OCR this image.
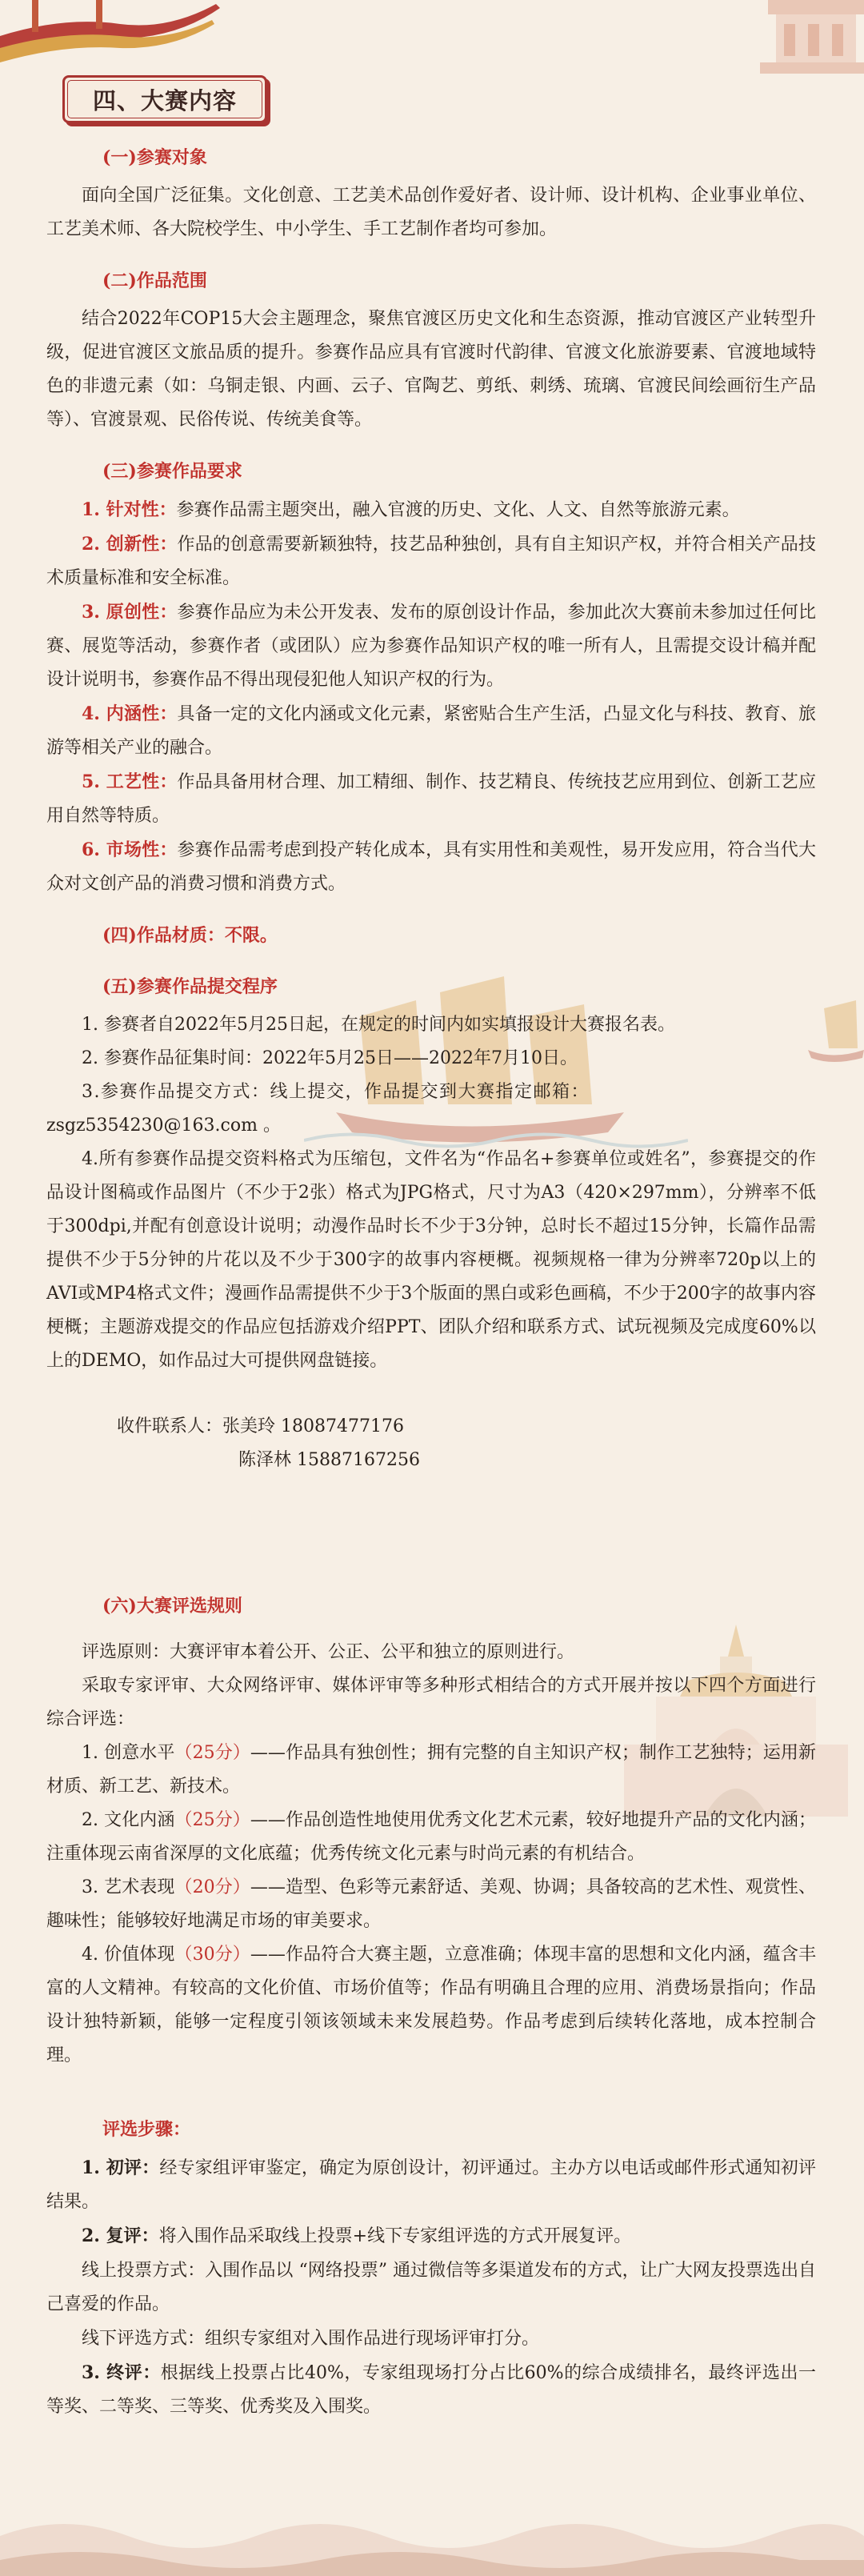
四、大赛内容

(一)参赛对象

面向全国广泛征集。文化创意、工艺美术品创作爱好者、设计师、设计机构、企业事业单位、工艺美术师、各大院校学生、中小学生、手工艺制作者均可参加。

(二)作品范围

结合2022年COP15大会主题理念，聚焦官渡区历史文化和生态资源，推动官渡区产业转型升级，促进官渡区文旅品质的提升。参赛作品应具有官渡时代韵律、官渡文化旅游要素、官渡地域特色的非遗元素（如：乌铜走银、内画、云子、官陶艺、剪纸、刺绣、琉璃、官渡民间绘画衍生产品等）、官渡景观、民俗传说、传统美食等。

(三)参赛作品要求

1. 针对性：参赛作品需主题突出，融入官渡的历史、文化、人文、自然等旅游元素。

2. 创新性：作品的创意需要新颖独特，技艺品种独创，具有自主知识产权，并符合相关产品技术质量标准和安全标准。

3. 原创性：参赛作品应为未公开发表、发布的原创设计作品，参加此次大赛前未参加过任何比赛、展览等活动，参赛作者（或团队）应为参赛作品知识产权的唯一所有人，且需提交设计稿并配设计说明书，参赛作品不得出现侵犯他人知识产权的行为。

4. 内涵性：具备一定的文化内涵或文化元素，紧密贴合生产生活，凸显文化与科技、教育、旅游等相关产业的融合。

5. 工艺性：作品具备用材合理、加工精细、制作、技艺精良、传统技艺应用到位、创新工艺应用自然等特质。

6. 市场性：参赛作品需考虑到投产转化成本，具有实用性和美观性，易开发应用，符合当代大众对文创产品的消费习惯和消费方式。

(四)作品材质：不限。

(五)参赛作品提交程序

1. 参赛者自2022年5月25日起，在规定的时间内如实填报设计大赛报名表。

2. 参赛作品征集时间：2022年5月25日——2022年7月10日。

3.参赛作品提交方式：线上提交，作品提交到大赛指定邮箱：

zsgz5354230@163.com 。

4.所有参赛作品提交资料格式为压缩包，文件名为“作品名+参赛单位或姓名”，参赛提交的作品设计图稿或作品图片（不少于2张）格式为JPG格式，尺寸为A3（420×297mm），分辨率不低于300dpi,并配有创意设计说明；动漫作品时长不少于3分钟，总时长不超过15分钟，长篇作品需提供不少于5分钟的片花以及不少于300字的故事内容梗概。视频规格一律为分辨率720p以上的AVI或MP4格式文件；漫画作品需提供不少于3个版面的黑白或彩色画稿，不少于200字的故事内容梗概；主题游戏提交的作品应包括游戏介绍PPT、团队介绍和联系方式、试玩视频及完成度60%以上的DEMO，如作品过大可提供网盘链接。

收件联系人：张美玲 18087477176

陈泽林 15887167256

(六)大赛评选规则

评选原则：大赛评审本着公开、公正、公平和独立的原则进行。

采取专家评审、大众网络评审、媒体评审等多种形式相结合的方式开展并按以下四个方面进行综合评选：

1. 创意水平（25分）——作品具有独创性；拥有完整的自主知识产权；制作工艺独特；运用新材质、新工艺、新技术。

2. 文化内涵（25分）——作品创造性地使用优秀文化艺术元素，较好地提升产品的文化内涵；注重体现云南省深厚的文化底蕴；优秀传统文化元素与时尚元素的有机结合。

3. 艺术表现（20分）——造型、色彩等元素舒适、美观、协调；具备较高的艺术性、观赏性、趣味性；能够较好地满足市场的审美要求。

4. 价值体现（30分）——作品符合大赛主题，立意准确；体现丰富的思想和文化内涵，蕴含丰富的人文精神。有较高的文化价值、市场价值等；作品有明确且合理的应用、消费场景指向；作品设计独特新颖，能够一定程度引领该领域未来发展趋势。作品考虑到后续转化落地，成本控制合理。

评选步骤：

1. 初评：经专家组评审鉴定，确定为原创设计，初评通过。主办方以电话或邮件形式通知初评结果。

2. 复评：将入围作品采取线上投票+线下专家组评选的方式开展复评。

线上投票方式：入围作品以 “网络投票” 通过微信等多渠道发布的方式，让广大网友投票选出自己喜爱的作品。

线下评选方式：组织专家组对入围作品进行现场评审打分。

3. 终评：根据线上投票占比40%，专家组现场打分占比60%的综合成绩排名，最终评选出一等奖、二等奖、三等奖、优秀奖及入围奖。
